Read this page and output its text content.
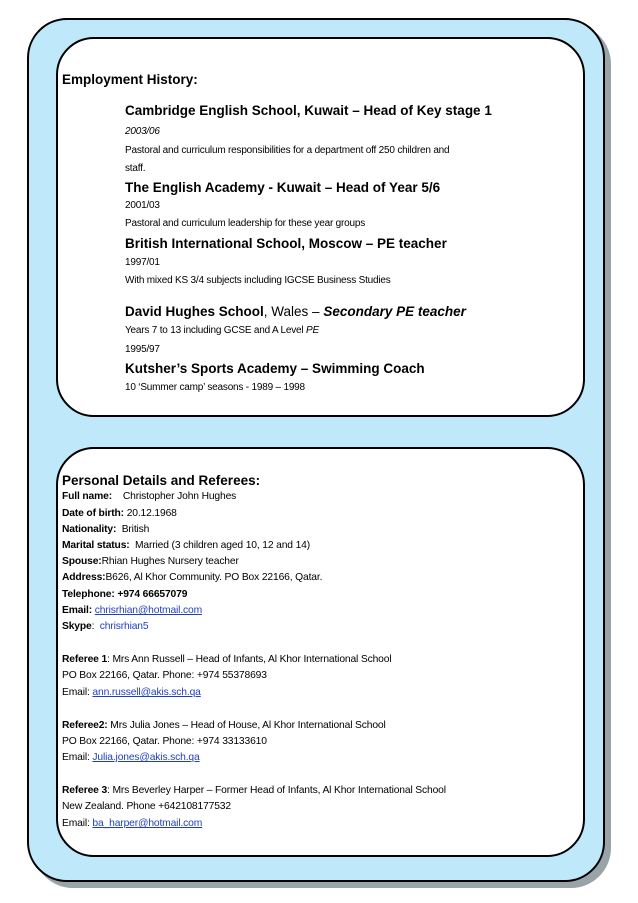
Employment History:
Cambridge English School, Kuwait – Head of Key stage 1
2003/06
Pastoral and curriculum responsibilities for a department off 250 children and
staff.
The English Academy - Kuwait – Head of Year 5/6
2001/03
Pastoral and curriculum leadership for these year groups
British International School, Moscow – PE teacher
1997/01
With mixed KS 3/4 subjects including IGCSE Business Studies
David Hughes School, Wales – Secondary PE teacher
Years 7 to 13 including GCSE and A Level PE
1995/97
Kutsher’s Sports Academy – Swimming Coach
10 ‘Summer camp’ seasons - 1989 – 1998
Personal Details and Referees:
Full name: Christopher John Hughes
Date of birth: 20.12.1968
Nationality: British
Marital status: Married (3 children aged 10, 12 and 14)
Spouse:Rhian Hughes Nursery teacher
Address:B626, Al Khor Community. PO Box 22166, Qatar.
Telephone: +974 66657079
Email: chrisrhian@hotmail.com
Skype: chrisrhian5
Referee 1: Mrs Ann Russell – Head of Infants, Al Khor International School
PO Box 22166, Qatar. Phone: +974 55378693
Email: ann.russell@akis.sch.qa
Referee2: Mrs Julia Jones – Head of House, Al Khor International School
PO Box 22166, Qatar. Phone: +974 33133610
Email: Julia.jones@akis.sch.qa
Referee 3: Mrs Beverley Harper – Former Head of Infants, Al Khor International School
New Zealand. Phone +642108177532
Email: ba_harper@hotmail.com
